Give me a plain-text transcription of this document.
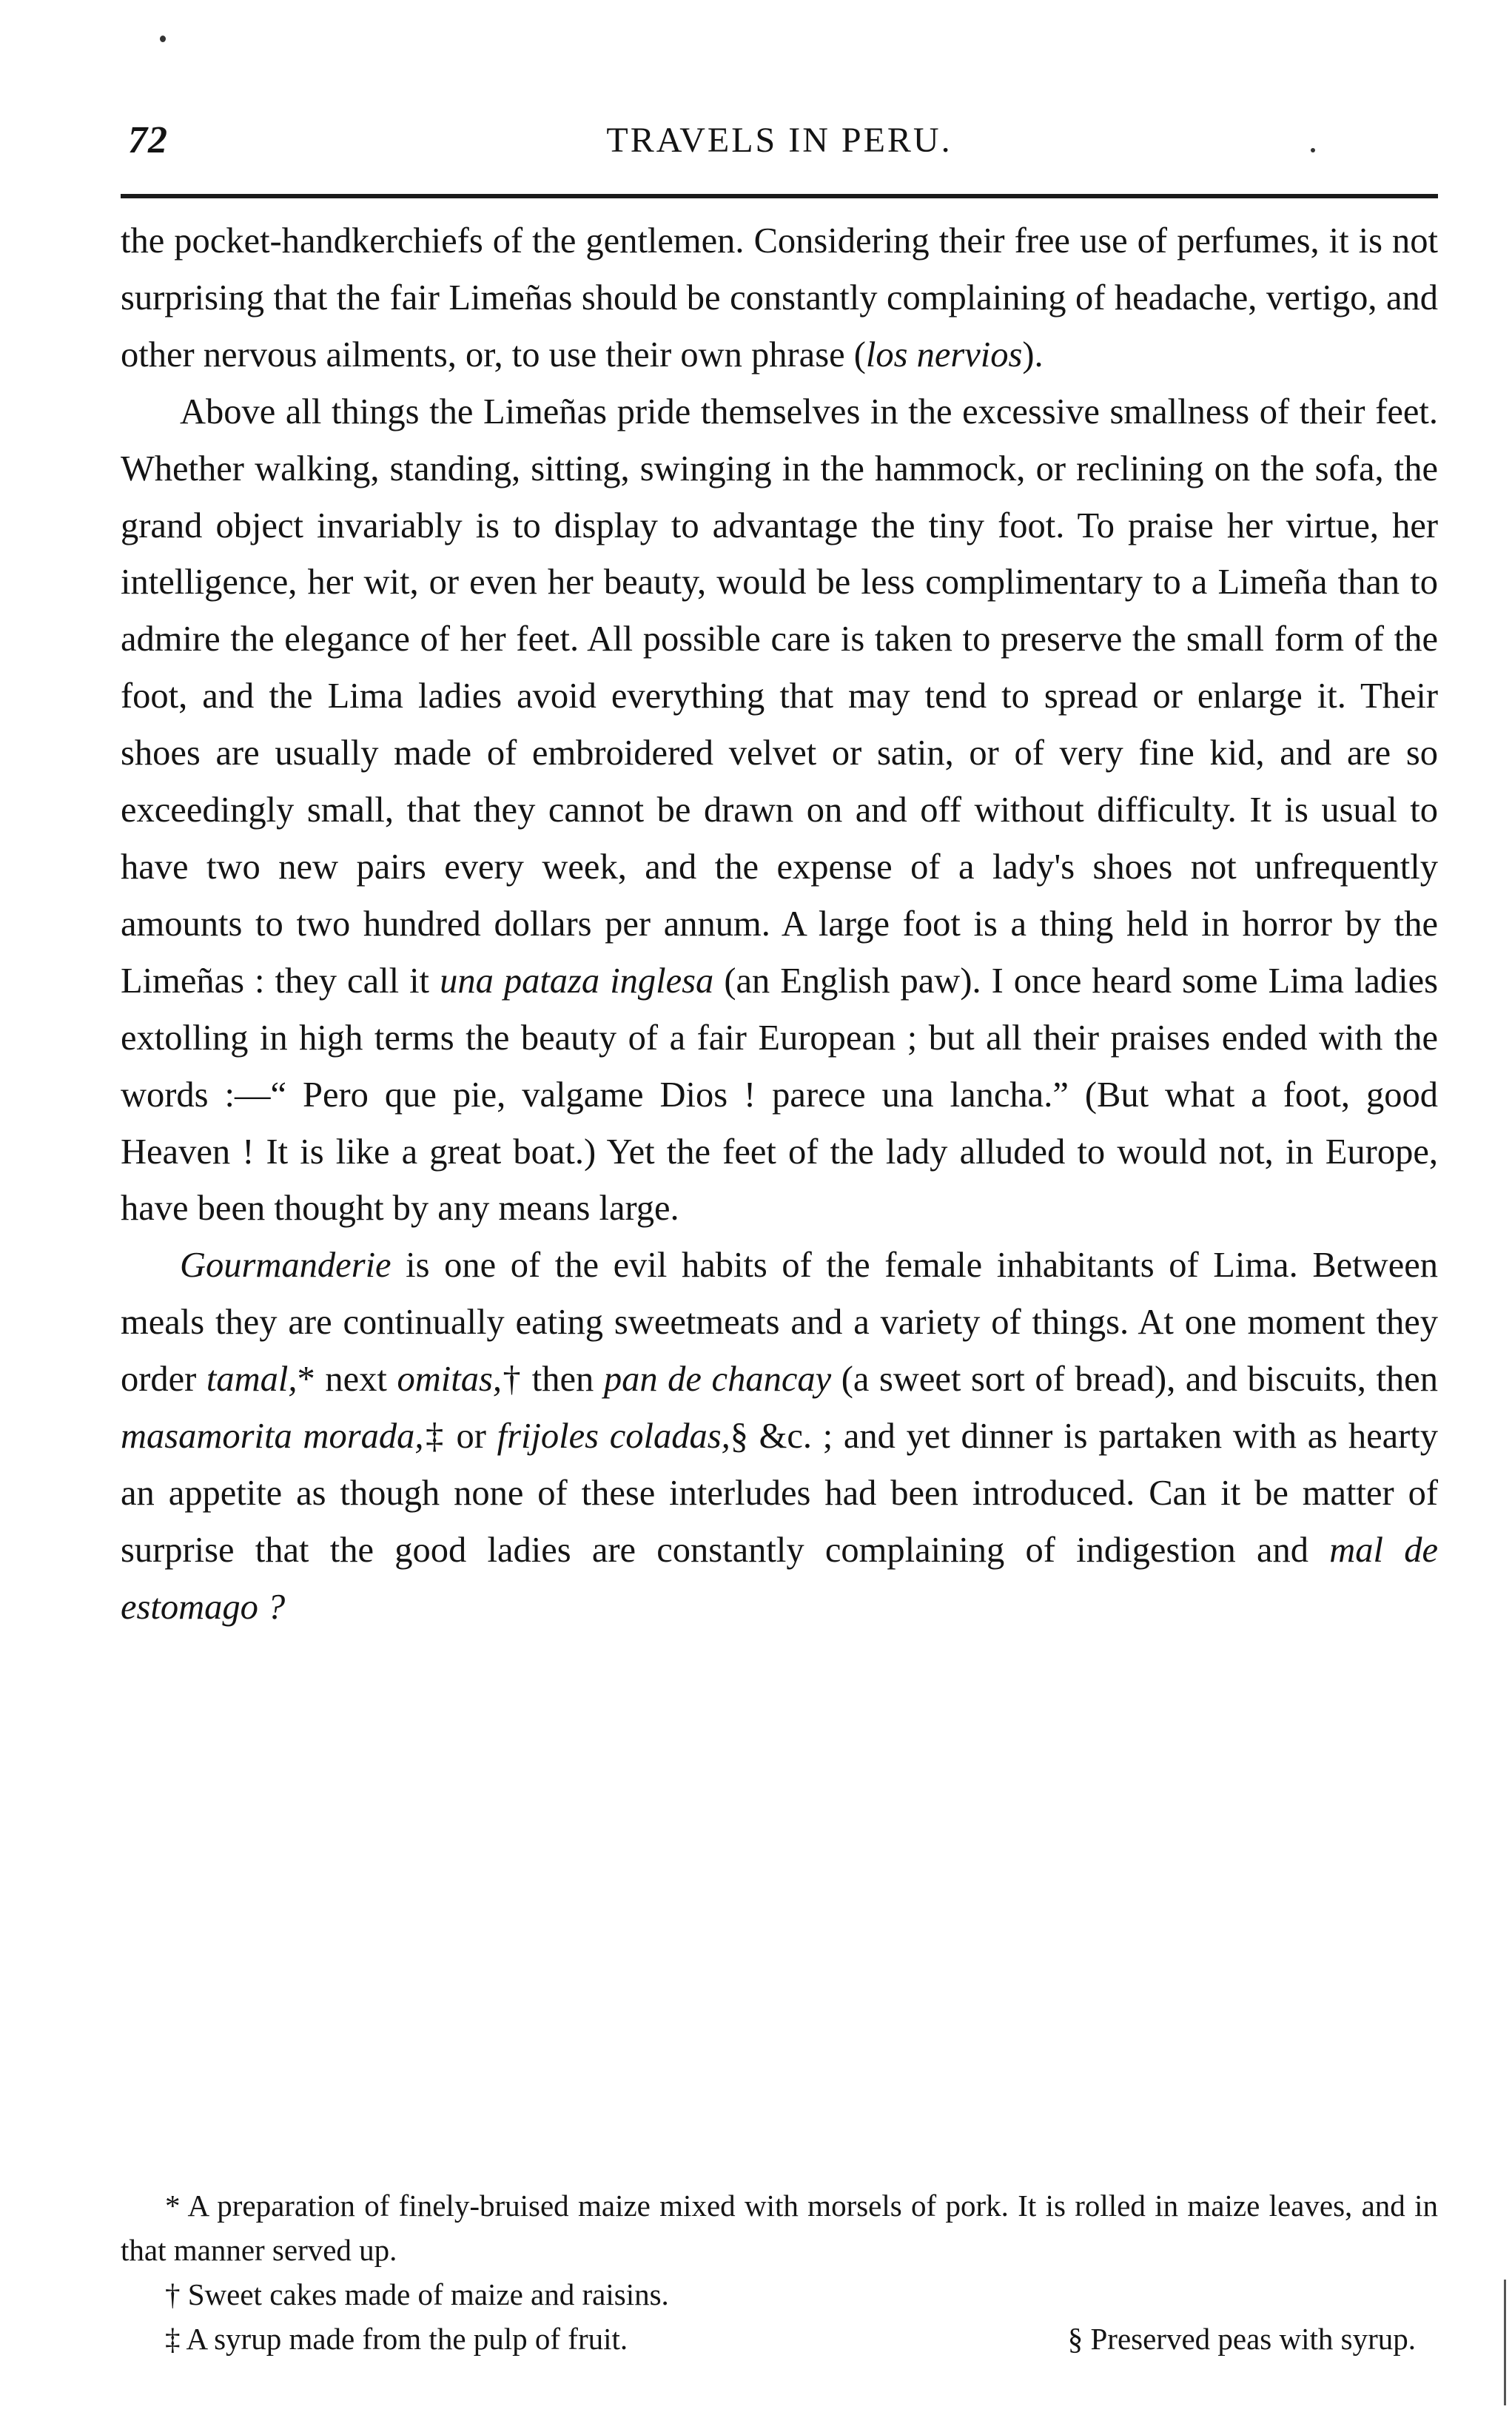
72	TRAVELS IN PERU.

the pocket-handkerchiefs of the gentlemen. Considering their free use of perfumes, it is not surprising that the fair Limeñas should be constantly complaining of headache, vertigo, and other nervous ailments, or, to use their own phrase (los nervios).

Above all things the Limeñas pride themselves in the excessive smallness of their feet. Whether walking, standing, sitting, swinging in the hammock, or reclining on the sofa, the grand object invariably is to display to advantage the tiny foot. To praise her virtue, her intelligence, her wit, or even her beauty, would be less complimentary to a Limeña than to admire the elegance of her feet. All possible care is taken to preserve the small form of the foot, and the Lima ladies avoid everything that may tend to spread or enlarge it. Their shoes are usually made of embroidered velvet or satin, or of very fine kid, and are so exceedingly small, that they cannot be drawn on and off without difficulty. It is usual to have two new pairs every week, and the expense of a lady's shoes not unfrequently amounts to two hundred dollars per annum. A large foot is a thing held in horror by the Limeñas : they call it una pataza inglesa (an English paw). I once heard some Lima ladies extolling in high terms the beauty of a fair European ; but all their praises ended with the words :—“ Pero que pie, valgame Dios ! parece una lancha.” (But what a foot, good Heaven ! It is like a great boat.) Yet the feet of the lady alluded to would not, in Europe, have been thought by any means large.

Gourmanderie is one of the evil habits of the female inhabitants of Lima. Between meals they are continually eating sweetmeats and a variety of things. At one moment they order tamal,* next omitas,† then pan de chancay (a sweet sort of bread), and biscuits, then masamorita morada,‡ or frijoles coladas,§ &c. ; and yet dinner is partaken with as hearty an appetite as though none of these interludes had been introduced. Can it be matter of surprise that the good ladies are constantly complaining of indigestion and mal de estomago ?

* A preparation of finely-bruised maize mixed with morsels of pork. It is rolled in maize leaves, and in that manner served up.

† Sweet cakes made of maize and raisins.

‡ A syrup made from the pulp of fruit.	§ Preserved peas with syrup.
